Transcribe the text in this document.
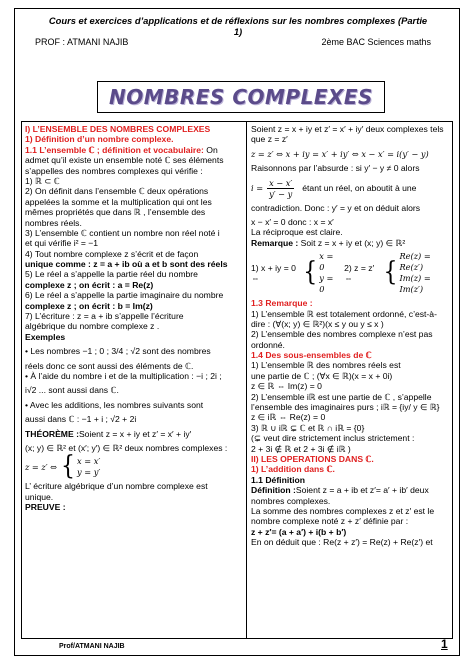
Cours et exercices d’applications et de réflexions sur les nombres complexes (Partie 1)
PROF : ATMANI NAJIB	2ème BAC Sciences maths
NOMBRES COMPLEXES
I) L’ENSEMBLE DES NOMBRES COMPLEXES
1) Définition d’un nombre complexe.
1.1 L’ensemble ℂ ; définition et vocabulaire: On
admet qu’il existe un ensemble noté ℂ ses éléments
s’appelles des nombres complexes qui vérifie :
1) ℝ ⊂ ℂ
2) On définit dans l’ensemble ℂ deux opérations
appelées la somme et la multiplication qui ont les
mêmes propriétés que dans ℝ , l’ensemble des
nombres réels.
3) L’ensemble ℂ contient un nombre non réel noté i
et qui vérifie i² = −1
4) Tout nombre complexe z s’écrit et de façon
unique comme : z = a + ib où a et b sont des réels
5) Le réel a s’appelle la partie réel du nombre
complexe z ; on écrit : a = Re(z)
6) Le réel a s’appelle la partie imaginaire du nombre
complexe z ; on écrit : b = Im(z)
7) L’écriture : z = a + ib s’appelle l’écriture
algébrique du nombre complexe z .
Exemples
• Les nombres −1 ; 0 ; 3/4 ; √2 sont des nombres
réels donc ce sont aussi des éléments de ℂ.
• À l’aide du nombre i et de la multiplication : −i ; 2i ;
i√2 ... sont aussi dans ℂ.
• Avec les additions, les nombres suivants sont
aussi dans ℂ : −1 + i ; √2 + 2i
THÉORÈME :Soient z = x + iy et z′ = x′ + iy′
(x; y) ∈ ℝ² et (x′; y′) ∈ ℝ² deux nombres complexes :
z = z′ ⇔ { x = x′
y = y′
L’ écriture algébrique d’un nombre complexe est
unique.
PREUVE :
Soient z = x + iy et z′ = x′ + iy′ deux complexes tels
que z = z′
z = z′ ⇔ x + iy = x′ + iy′ ⇔ x − x′ = i(y′ − y)
Raisonnons par l’absurde : si y′ − y ≠ 0 alors
$i = \frac{x - x'}{y' - y}$ étant un réel, on aboutit à une
contradiction. Donc : y′ = y et on déduit alors
x − x′ = 0 donc : x = x′
La réciproque est claire.
Remarque : Soit z = x + iy et (x; y) ∈ ℝ²
1) x + iy = 0 ⇔	{
x = 0
y = 0
2) z = z′ ⇔	{
Re(z) = Re(z′)
Im(z) = Im(z′)
1.3 Remarque :
1) L’ensemble ℝ est totalement ordonné, c’est-à-
dire : (∀(x; y) ∈ ℝ²)(x ≤ y ou y ≤ x )
2) L’ensemble des nombres complexe n’est pas
ordonné.
1.4 Des sous-ensembles de ℂ
1) L’ensemble ℝ des nombres réels est
une partie de ℂ ; (∀x ∈ ℝ)(x = x + 0i)
z ∈ ℝ ⇔ Im(z) = 0
2) L’ensemble iℝ est une partie de ℂ , s’appelle
l’ensemble des imaginaires purs ; iℝ = {iy/ y ∈ ℝ}
z ∈ iℝ ⇔ Re(z) = 0
3) ℝ ∪ iℝ ⊊ ℂ et ℝ ∩ iℝ = {0}
(⊊ veut dire strictement inclus strictement :
2 + 3i ∉ ℝ et 2 + 3i ∉ iℝ )
II) LES OPERATIONS DANS ℂ.
1) L’addition dans ℂ.
1.1 Définition
Définition :Soient z = a + ib et z′= a′ + ib′ deux
nombres complexes.
La somme des nombres complexes z et z′ est le
nombre complexe noté z + z′ définie par :
z + z′= (a + a′) + i(b + b′)
En on déduit que : Re(z + z′) = Re(z) + Re(z′) et
Prof/ATMANI NAJIB	1
